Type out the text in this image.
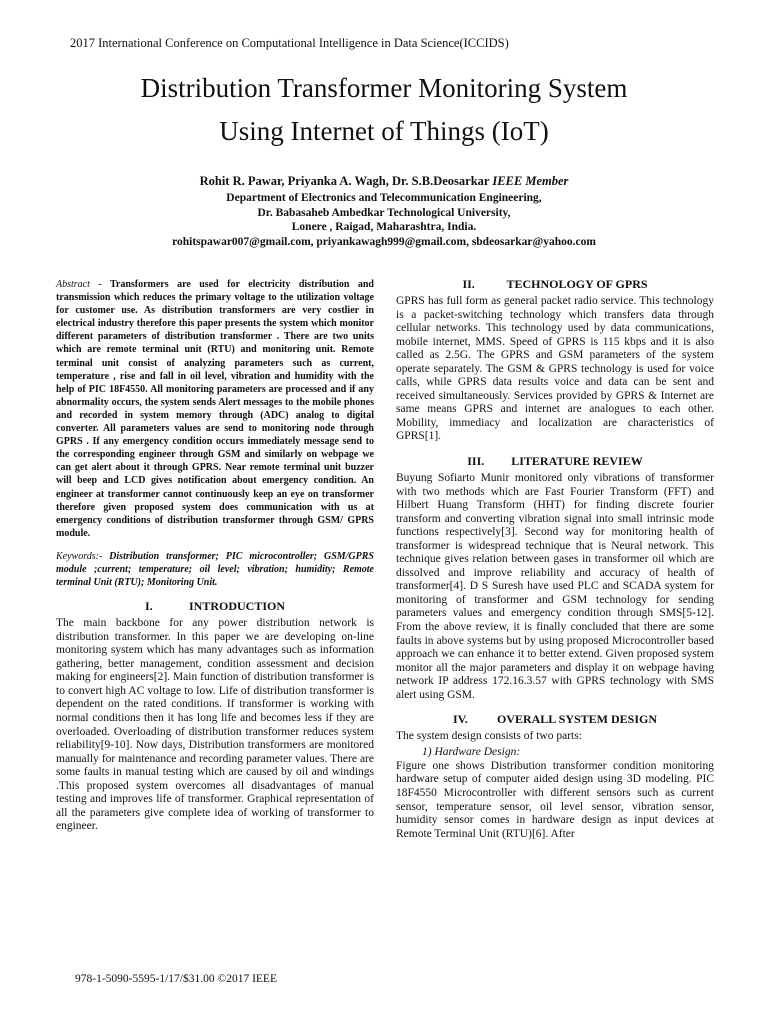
2017 International Conference on Computational Intelligence in Data Science(ICCIDS)
Distribution Transformer Monitoring System
Using Internet of Things (IoT)
Rohit R. Pawar, Priyanka A. Wagh, Dr. S.B.Deosarkar IEEE Member
Department of Electronics and Telecommunication Engineering,
Dr. Babasaheb Ambedkar Technological University,
Lonere , Raigad, Maharashtra, India.
rohitspawar007@gmail.com, priyankawagh999@gmail.com, sbdeosarkar@yahoo.com

Abstract - Transformers are used for electricity distribution and transmission which reduces the primary voltage to the utilization voltage for customer use. As distribution transformers are very costlier in electrical industry therefore this paper presents the system which monitor different parameters of distribution transformer . There are two units which are remote terminal unit (RTU) and monitoring unit. Remote terminal unit consist of analyzing parameters such as current, temperature , rise and fall in oil level, vibration and humidity with the help of PIC 18F4550. All monitoring parameters are processed and if any abnormality occurs, the system sends Alert messages to the mobile phones and recorded in system memory through (ADC) analog to digital converter. All parameters values are send to monitoring node through GPRS . If any emergency condition occurs immediately message send to the corresponding engineer through GSM and similarly on webpage we can get alert about it through GPRS. Near remote terminal unit buzzer will beep and LCD gives notification about emergency condition. An engineer at transformer cannot continuously keep an eye on transformer therefore given proposed system does communication with us at emergency conditions of distribution transformer through GSM/ GPRS module.

Keywords:- Distribution transformer; PIC microcontroller; GSM/GPRS module ;current; temperature; oil level; vibration; humidity; Remote terminal Unit (RTU); Monitoring Unit.

I.	INTRODUCTION

The main backbone for any power distribution network is distribution transformer. In this paper we are developing on-line monitoring system which has many advantages such as information gathering, better management, condition assessment and decision making for engineers[2]. Main function of distribution transformer is to convert high AC voltage to low. Life of distribution transformer is dependent on the rated conditions. If transformer is working with normal conditions then it has long life and becomes less if they are overloaded. Overloading of distribution transformer reduces system reliability[9-10]. Now days, Distribution transformers are monitored manually for maintenance and recording parameter values. There are some faults in manual testing which are caused by oil and windings .This proposed system overcomes all disadvantages of manual testing and improves life of transformer. Graphical representation of all the parameters give complete idea of working of transformer to engineer.

II.	TECHNOLOGY OF GPRS

GPRS has full form as general packet radio service. This technology is a packet-switching technology which transfers data through cellular networks. This technology used by data communications, mobile internet, MMS. Speed of GPRS is 115 kbps and it is also called as 2.5G. The GPRS and GSM parameters of the system operate separately. The GSM & GPRS technology is used for voice calls, while GPRS data results voice and data can be sent and received simultaneously. Services provided by GPRS & Internet are same means GPRS and internet are analogues to each other. Mobility, immediacy and localization are characteristics of GPRS[1].

III. LITERATURE REVIEW

Buyung Sofiarto Munir monitored only vibrations of transformer with two methods which are Fast Fourier Transform (FFT) and Hilbert Huang Transform (HHT) for finding discrete fourier transform and converting vibration signal into small intrinsic mode functions respectively[3]. Second way for monitoring health of transformer is widespread technique that is Neural network. This technique gives relation between gases in transformer oil which are dissolved and improve reliability and accuracy of health of transformer[4]. D S Suresh have used PLC and SCADA system for monitoring of transformer and GSM technology for sending parameters values and emergency condition through SMS[5-12]. From the above review, it is finally concluded that there are some faults in above systems but by using proposed Microcontroller based approach we can enhance it to better extend. Given proposed system monitor all the major parameters and display it on webpage having network IP address 172.16.3.57 with GPRS technology with SMS alert using GSM.

IV. OVERALL SYSTEM DESIGN

The system design consists of two parts:

1) Hardware Design:

Figure one shows Distribution transformer condition monitoring hardware setup of computer aided design using 3D modeling. PIC 18F4550 Microcontroller with different sensors such as current sensor, temperature sensor, oil level sensor, vibration sensor, humidity sensor comes in hardware design as input devices at Remote Terminal Unit (RTU)[6]. After

978-1-5090-5595-1/17/$31.00 ©2017 IEEE
